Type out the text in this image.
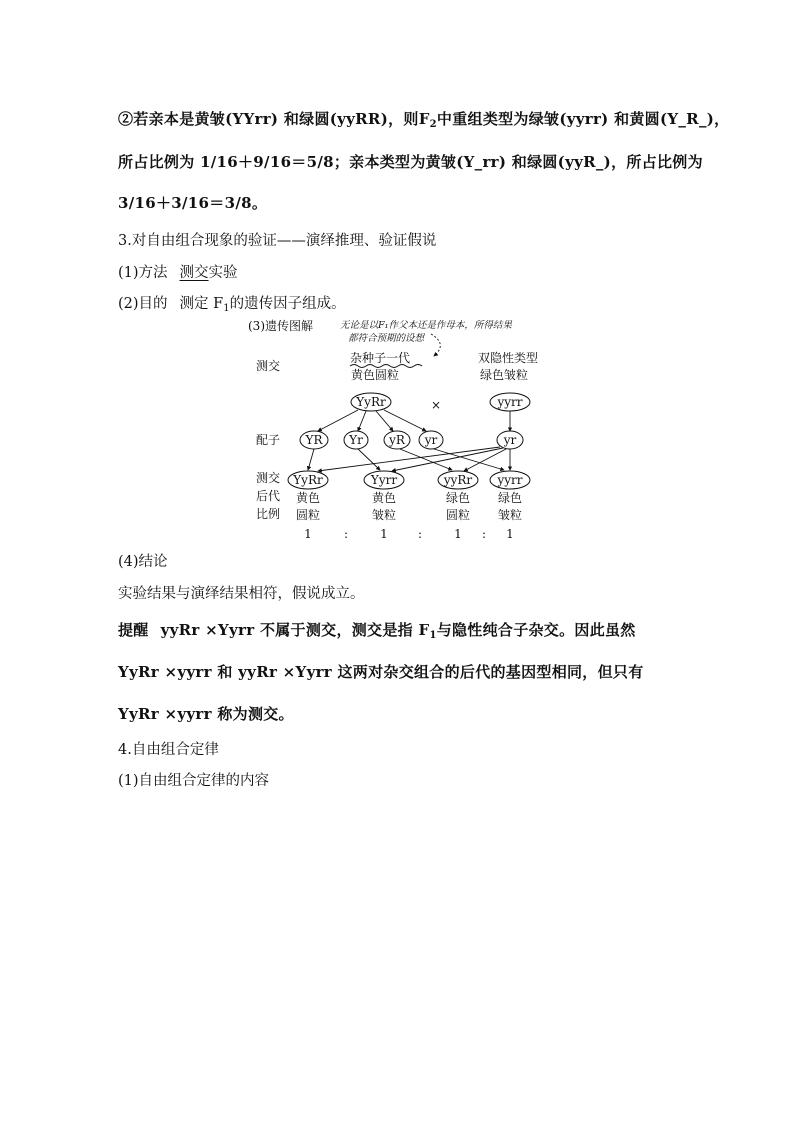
②若亲本是黄皱(YYrr) 和绿圆(yyRR)，则$F_2$中重组类型为绿皱(yyrr) 和黄圆(Y_R_)，
所占比例为 1/16＋9/16＝5/8；亲本类型为黄皱(Y_rr) 和绿圆(yyR_)，所占比例为
3/16＋3/16＝3/8。
3.对自由组合现象的验证——演绎推理、验证假说
(1)方法 测交实验
(2)目的 测定 $F_1$的遗传因子组成。
(3)遗传图解	无论是以F₁作父本还是作母本，所得结果
都符合预期的设想
测交
杂种子一代
黄色圆粒
双隐性类型
绿色皱粒
YyRr	×	yyrr
配子 YR Yr yR yr	yr
测交
后代
比例
YyRr	Yyrr	yyRr yyrr
黄色
圆粒
黄色
皱粒
绿色
圆粒
绿色
皱粒
1	:	1	:	1 : 1
(4)结论
实验结果与演绎结果相符，假说成立。
提醒 yyRr ×Yyrr 不属于测交，测交是指 $F_1$与隐性纯合子杂交。因此虽然
YyRr ×yyrr 和 yyRr ×Yyrr 这两对杂交组合的后代的基因型相同，但只有
YyRr ×yyrr 称为测交。
4.自由组合定律
(1)自由组合定律的内容
